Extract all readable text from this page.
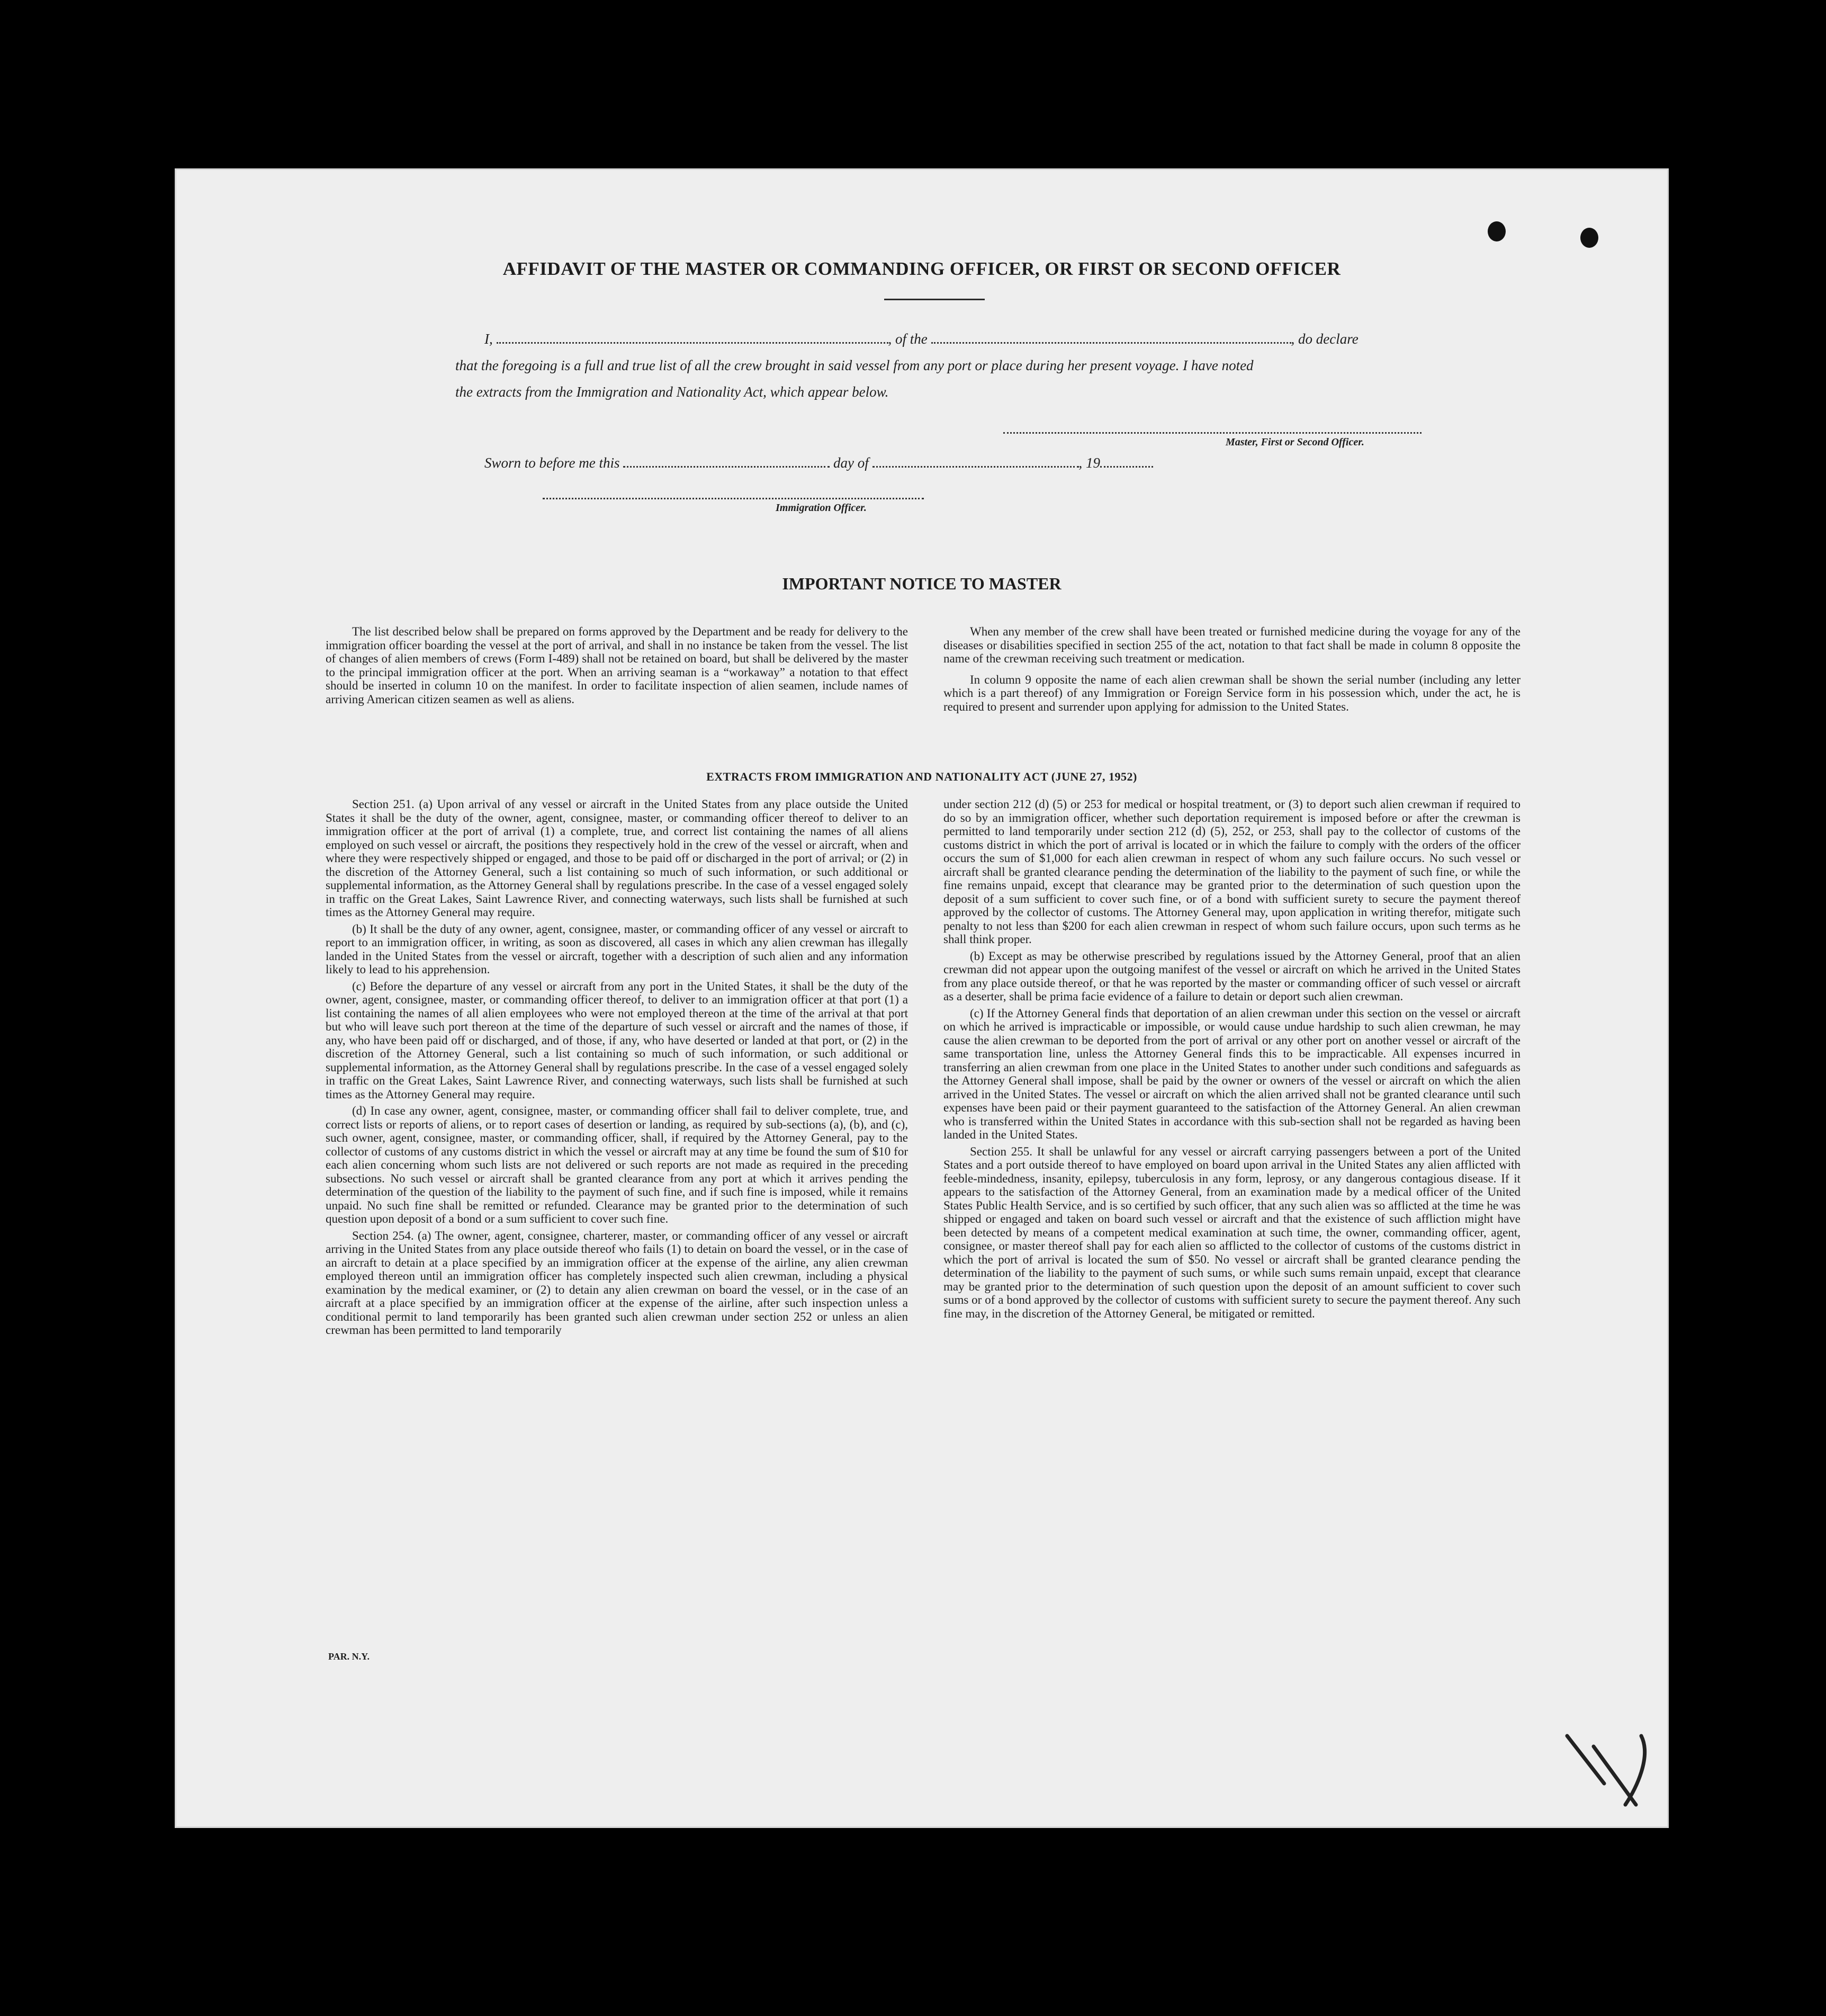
AFFIDAVIT OF THE MASTER OR COMMANDING OFFICER, OR FIRST OR SECOND OFFICER
I,	, of the	, do declare
that the foregoing is a full and true list of all the crew brought in said vessel from any port or place during her present voyage. I have noted
the extracts from the Immigration and Nationality Act, which appear below.
Master, First or Second Officer.
Sworn to before me this	day of	, 19
Immigration Officer.
IMPORTANT NOTICE TO MASTER

The list described below shall be prepared on forms approved by the Department and be ready for delivery to the immigration officer boarding the vessel at the port of arrival, and shall in no instance be taken from the vessel. The list of changes of alien members of crews (Form I-489) shall not be retained on board, but shall be delivered by the master to the principal immigration officer at the port. When an arriving seaman is a “workaway” a notation to that effect should be inserted in column 10 on the manifest. In order to facilitate inspection of alien seamen, include names of arriving American citizen seamen as well as aliens.

When any member of the crew shall have been treated or furnished medicine during the voyage for any of the diseases or disabilities specified in section 255 of the act, notation to that fact shall be made in column 8 opposite the name of the crewman receiving such treatment or medication.

In column 9 opposite the name of each alien crewman shall be shown the serial number (including any letter which is a part thereof) of any Immigration or Foreign Service form in his possession which, under the act, he is required to present and surrender upon applying for admission to the United States.

EXTRACTS FROM IMMIGRATION AND NATIONALITY ACT (JUNE 27, 1952)

Section 251. (a) Upon arrival of any vessel or aircraft in the United States from any place outside the United States it shall be the duty of the owner, agent, consignee, master, or commanding officer thereof to deliver to an immigration officer at the port of arrival (1) a complete, true, and correct list containing the names of all aliens employed on such vessel or aircraft, the positions they respectively hold in the crew of the vessel or aircraft, when and where they were respectively shipped or engaged, and those to be paid off or discharged in the port of arrival; or (2) in the discretion of the Attorney General, such a list containing so much of such information, or such additional or supplemental information, as the Attorney General shall by regulations prescribe. In the case of a vessel engaged solely in traffic on the Great Lakes, Saint Lawrence River, and connecting waterways, such lists shall be furnished at such times as the Attorney General may require.

(b) It shall be the duty of any owner, agent, consignee, master, or commanding officer of any vessel or aircraft to report to an immigration officer, in writing, as soon as discovered, all cases in which any alien crewman has illegally landed in the United States from the vessel or aircraft, together with a description of such alien and any information likely to lead to his apprehension.

(c) Before the departure of any vessel or aircraft from any port in the United States, it shall be the duty of the owner, agent, consignee, master, or commanding officer thereof, to deliver to an immigration officer at that port (1) a list containing the names of all alien employees who were not employed thereon at the time of the arrival at that port but who will leave such port thereon at the time of the departure of such vessel or aircraft and the names of those, if any, who have been paid off or discharged, and of those, if any, who have deserted or landed at that port, or (2) in the discretion of the Attorney General, such a list containing so much of such information, or such additional or supplemental information, as the Attorney General shall by regulations prescribe. In the case of a vessel engaged solely in traffic on the Great Lakes, Saint Lawrence River, and connecting waterways, such lists shall be furnished at such times as the Attorney General may require.

(d) In case any owner, agent, consignee, master, or commanding officer shall fail to deliver complete, true, and correct lists or reports of aliens, or to report cases of desertion or landing, as required by sub-sections (a), (b), and (c), such owner, agent, consignee, master, or commanding officer, shall, if required by the Attorney General, pay to the collector of customs of any customs district in which the vessel or aircraft may at any time be found the sum of $10 for each alien concerning whom such lists are not delivered or such reports are not made as required in the preceding subsections. No such vessel or aircraft shall be granted clearance from any port at which it arrives pending the determination of the question of the liability to the payment of such fine, and if such fine is imposed, while it remains unpaid. No such fine shall be remitted or refunded. Clearance may be granted prior to the determination of such question upon deposit of a bond or a sum sufficient to cover such fine.

Section 254. (a) The owner, agent, consignee, charterer, master, or commanding officer of any vessel or aircraft arriving in the United States from any place outside thereof who fails (1) to detain on board the vessel, or in the case of an aircraft to detain at a place specified by an immigration officer at the expense of the airline, any alien crewman employed thereon until an immigration officer has completely inspected such alien crewman, including a physical examination by the medical examiner, or (2) to detain any alien crewman on board the vessel, or in the case of an aircraft at a place specified by an immigration officer at the expense of the airline, after such inspection unless a conditional permit to land temporarily has been granted such alien crewman under section 252 or unless an alien crewman has been permitted to land temporarily

under section 212 (d) (5) or 253 for medical or hospital treatment, or (3) to deport such alien crewman if required to do so by an immigration officer, whether such deportation requirement is imposed before or after the crewman is permitted to land temporarily under section 212 (d) (5), 252, or 253, shall pay to the collector of customs of the customs district in which the port of arrival is located or in which the failure to comply with the orders of the officer occurs the sum of $1,000 for each alien crewman in respect of whom any such failure occurs. No such vessel or aircraft shall be granted clearance pending the determination of the liability to the payment of such fine, or while the fine remains unpaid, except that clearance may be granted prior to the determination of such question upon the deposit of a sum sufficient to cover such fine, or of a bond with sufficient surety to secure the payment thereof approved by the collector of customs. The Attorney General may, upon application in writing therefor, mitigate such penalty to not less than $200 for each alien crewman in respect of whom such failure occurs, upon such terms as he shall think proper.

(b) Except as may be otherwise prescribed by regulations issued by the Attorney General, proof that an alien crewman did not appear upon the outgoing manifest of the vessel or aircraft on which he arrived in the United States from any place outside thereof, or that he was reported by the master or commanding officer of such vessel or aircraft as a deserter, shall be prima facie evidence of a failure to detain or deport such alien crewman.

(c) If the Attorney General finds that deportation of an alien crewman under this section on the vessel or aircraft on which he arrived is impracticable or impossible, or would cause undue hardship to such alien crewman, he may cause the alien crewman to be deported from the port of arrival or any other port on another vessel or aircraft of the same transportation line, unless the Attorney General finds this to be impracticable. All expenses incurred in transferring an alien crewman from one place in the United States to another under such conditions and safeguards as the Attorney General shall impose, shall be paid by the owner or owners of the vessel or aircraft on which the alien arrived in the United States. The vessel or aircraft on which the alien arrived shall not be granted clearance until such expenses have been paid or their payment guaranteed to the satisfaction of the Attorney General. An alien crewman who is transferred within the United States in accordance with this sub-section shall not be regarded as having been landed in the United States.

Section 255. It shall be unlawful for any vessel or aircraft carrying passengers between a port of the United States and a port outside thereof to have employed on board upon arrival in the United States any alien afflicted with feeble-mindedness, insanity, epilepsy, tuberculosis in any form, leprosy, or any dangerous contagious disease. If it appears to the satisfaction of the Attorney General, from an examination made by a medical officer of the United States Public Health Service, and is so certified by such officer, that any such alien was so afflicted at the time he was shipped or engaged and taken on board such vessel or aircraft and that the existence of such affliction might have been detected by means of a competent medical examination at such time, the owner, commanding officer, agent, consignee, or master thereof shall pay for each alien so afflicted to the collector of customs of the customs district in which the port of arrival is located the sum of $50. No vessel or aircraft shall be granted clearance pending the determination of the liability to the payment of such sums, or while such sums remain unpaid, except that clearance may be granted prior to the determination of such question upon the deposit of an amount sufficient to cover such sums or of a bond approved by the collector of customs with sufficient surety to secure the payment thereof. Any such fine may, in the discretion of the Attorney General, be mitigated or remitted.

PAR. N.Y.
